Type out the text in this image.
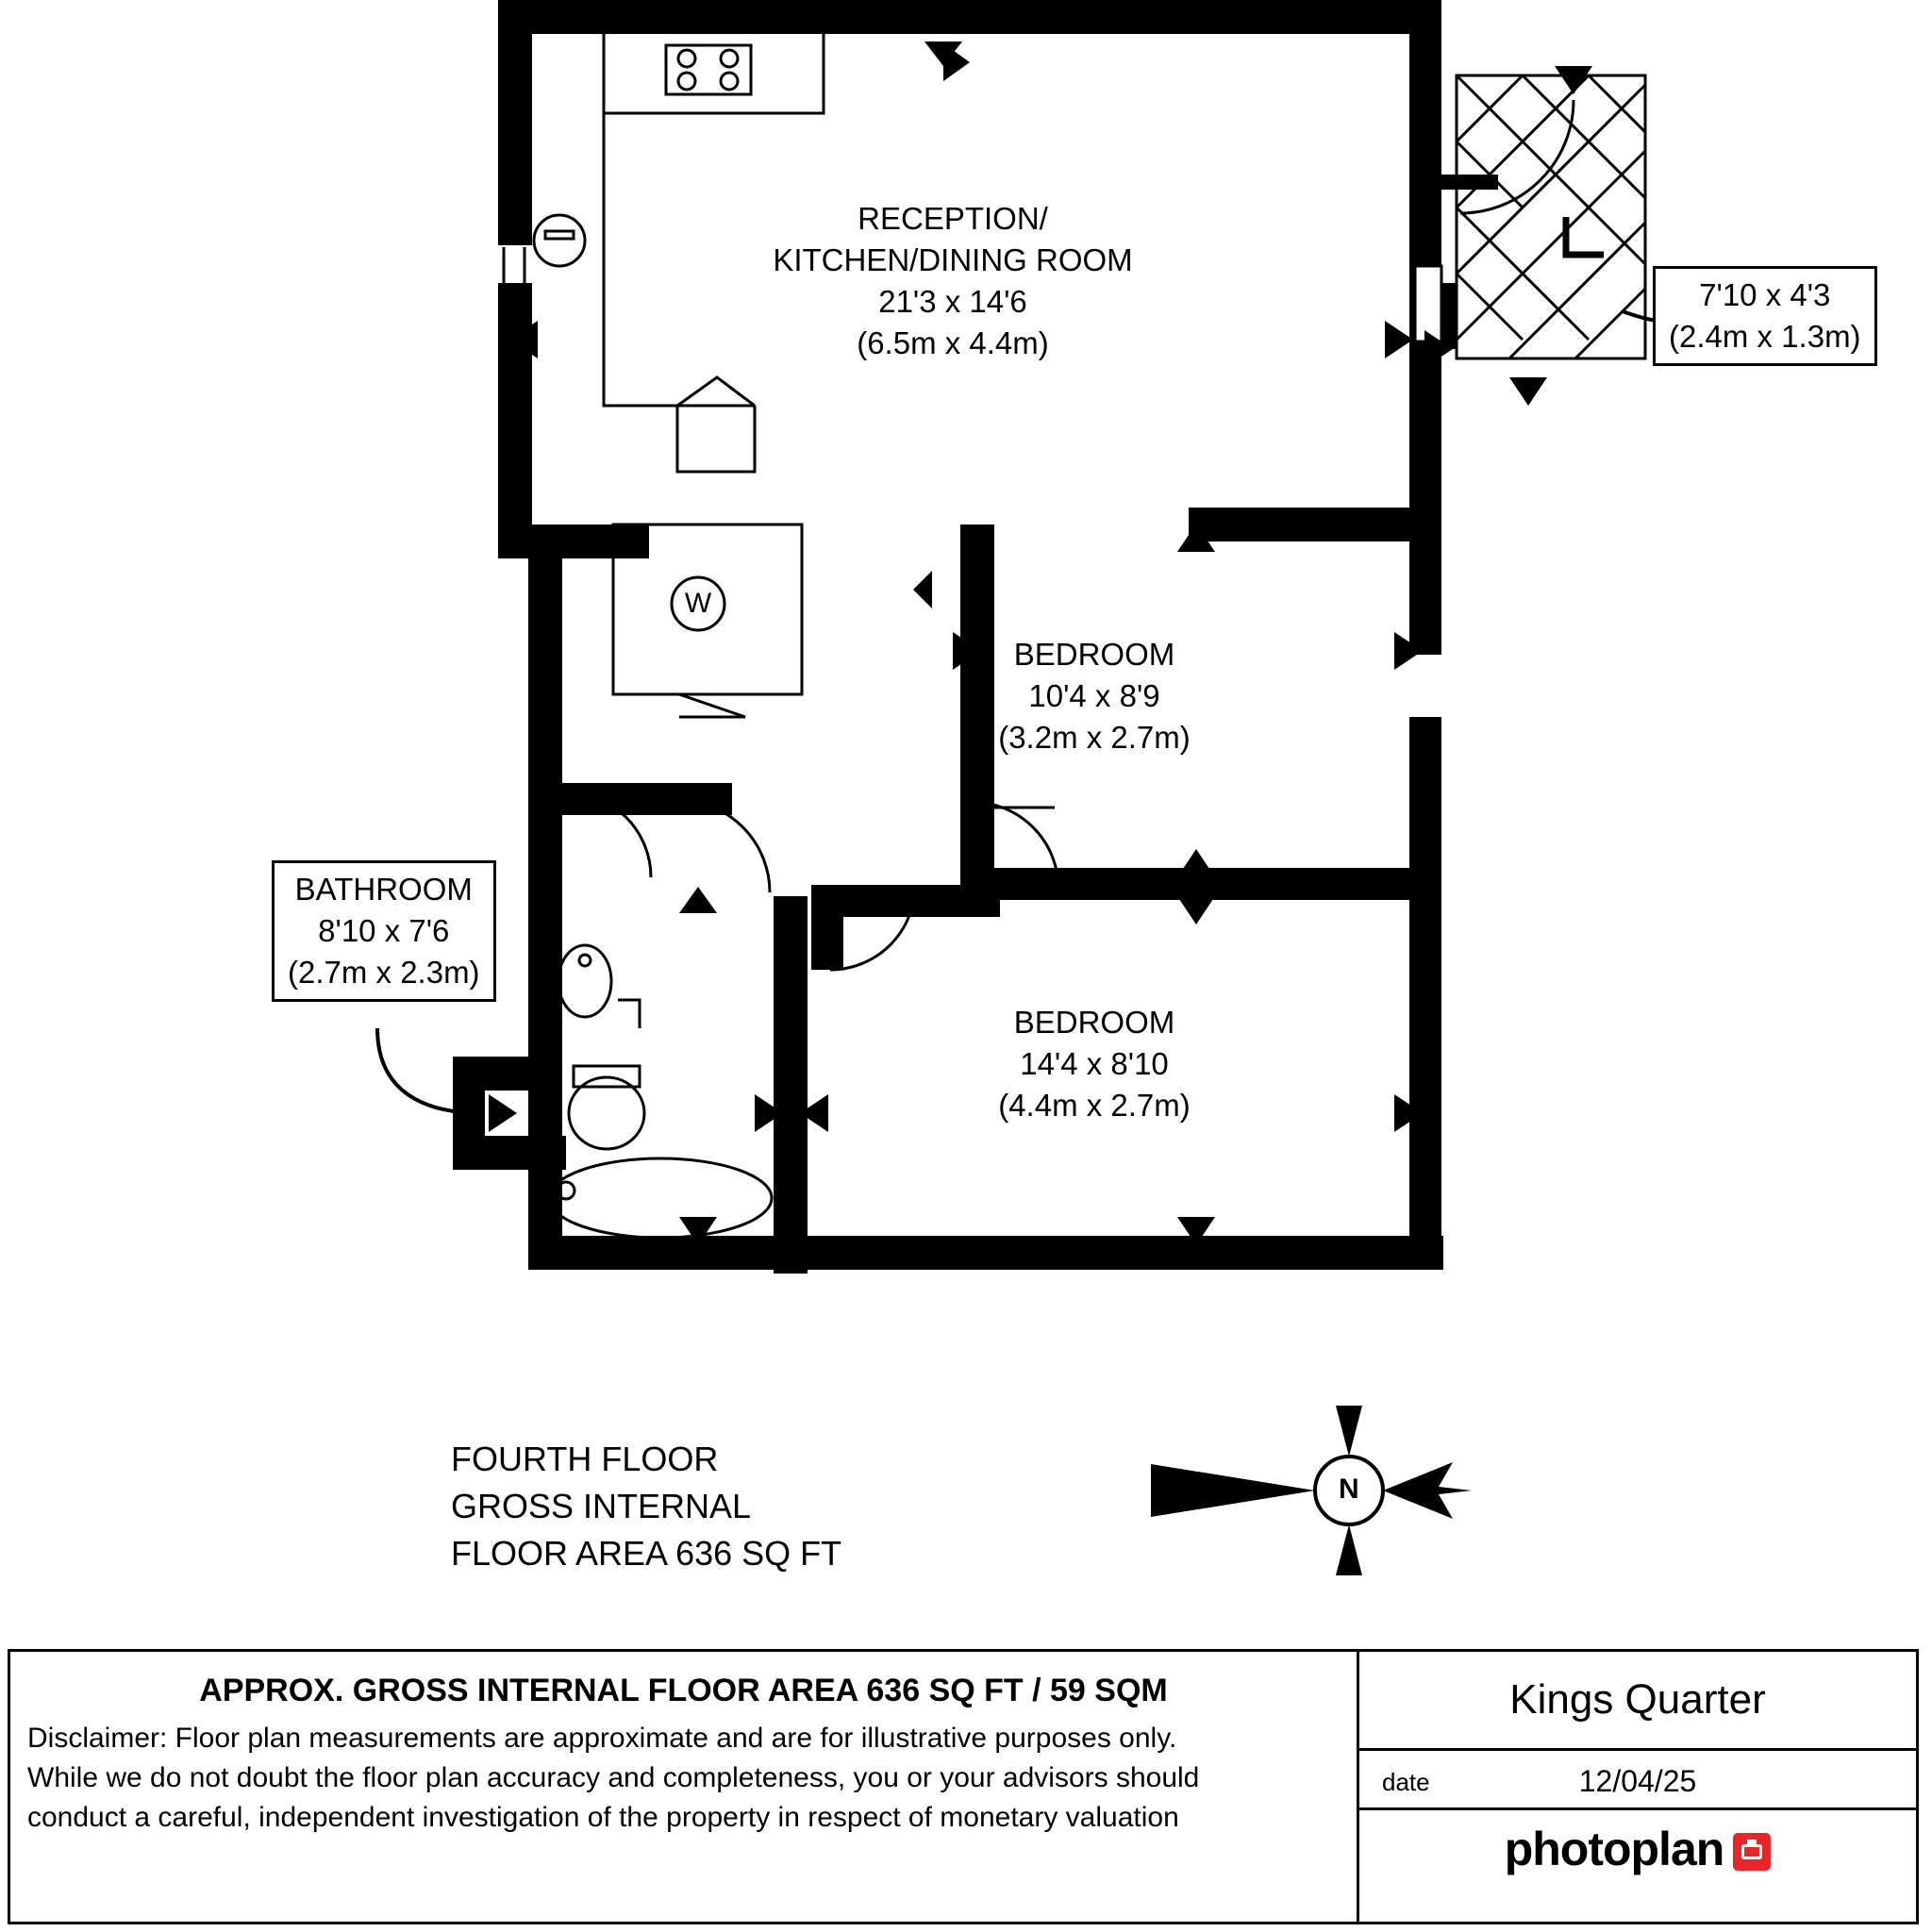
RECEPTION/
KITCHEN/DINING ROOM
21'3 x 14'6
(6.5m x 4.4m)
BEDROOM
10'4 x 8'9
(3.2m x 2.7m)
BEDROOM
14'4 x 8'10
(4.4m x 2.7m)
7'10 x 4'3
(2.4m x 1.3m)
BATHROOM
8'10 x 7'6
(2.7m x 2.3m)
W
FOURTH FLOOR
GROSS INTERNAL
FLOOR AREA 636 SQ FT
N
APPROX. GROSS INTERNAL FLOOR AREA 636 SQ FT / 59 SQM
Disclaimer: Floor plan measurements are approximate and are for illustrative purposes only.
While we do not doubt the floor plan accuracy and completeness, you or your advisors should
conduct a careful, independent investigation of the property in respect of monetary valuation
Kings Quarter
date	12/04/25
photoplan
